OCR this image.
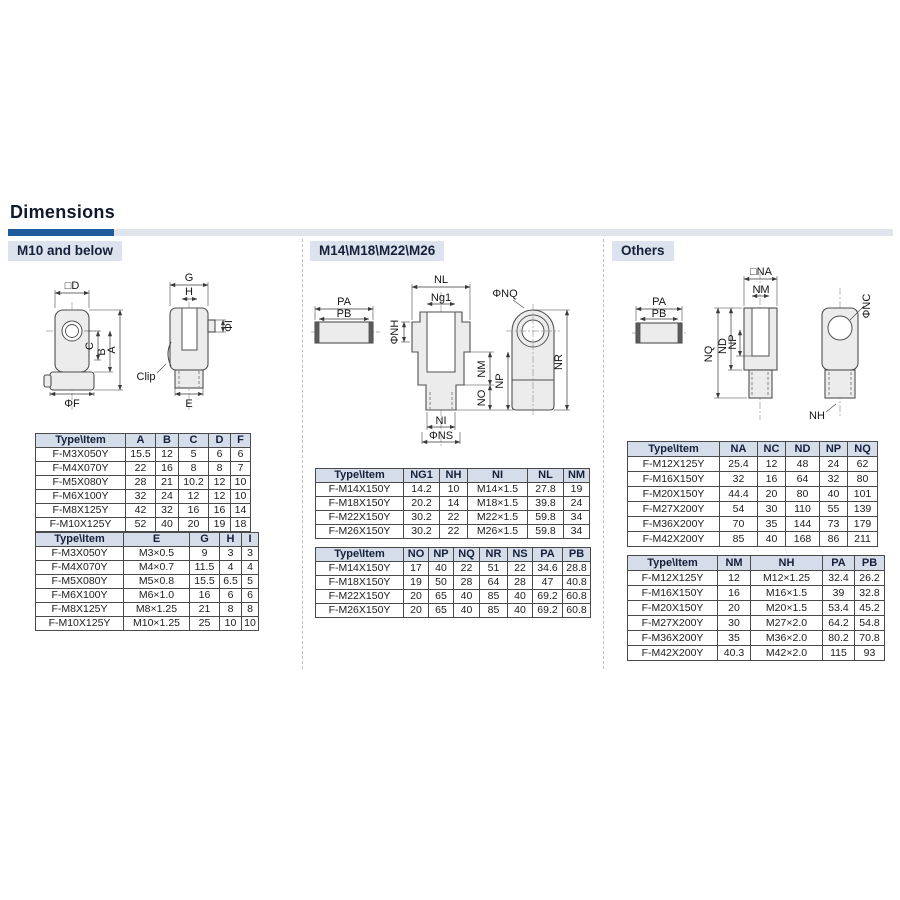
Dimensions
M10 and below	M14\M18\M22\M26	Others
□D
ΦF
C
B
A
G
H
ΦI
Clip
E
PA
PB
NL
Ng1
ΦNH
NM
NO
NP
NI
ΦNS
ΦNQ
NR
PA
PB
□NA
NM
NQ ND
NP
ΦNC
NH
Type\Item	A	B	C	D	F
F-M3X050Y	15.5	12	5	6	6
F-M4X070Y	22	16	8	8	7
F-M5X080Y	28	21	10.2	12	10
F-M6X100Y	32	24	12	12	10
F-M8X125Y	42	32	16	16	14
F-M10X125Y	52	40	20	19	18
Type\Item	E	G	H	I
F-M3X050Y	M3×0.5	9	3	3
F-M4X070Y	M4×0.7	11.5	4	4
F-M5X080Y	M5×0.8	15.5	6.5	5
F-M6X100Y	M6×1.0	16	6	6
F-M8X125Y	M8×1.25	21	8	8
F-M10X125Y	M10×1.25	25	10	10
Type\Item	NG1	NH	NI	NL	NM
F-M14X150Y	14.2	10	M14×1.5	27.8	19
F-M18X150Y	20.2	14	M18×1.5	39.8	24
F-M22X150Y	30.2	22	M22×1.5	59.8	34
F-M26X150Y	30.2	22	M26×1.5	59.8	34
Type\Item	NO	NP	NQ	NR	NS	PA	PB
F-M14X150Y	17	40	22	51	22	34.6	28.8
F-M18X150Y	19	50	28	64	28	47	40.8
F-M22X150Y	20	65	40	85	40	69.2	60.8
F-M26X150Y	20	65	40	85	40	69.2	60.8
Type\Item	NA	NC	ND	NP	NQ
F-M12X125Y	25.4	12	48	24	62
F-M16X150Y	32	16	64	32	80
F-M20X150Y	44.4	20	80	40	101
F-M27X200Y	54	30	110	55	139
F-M36X200Y	70	35	144	73	179
F-M42X200Y	85	40	168	86	211
Type\Item	NM	NH	PA	PB
F-M12X125Y	12	M12×1.25	32.4	26.2
F-M16X150Y	16	M16×1.5	39	32.8
F-M20X150Y	20	M20×1.5	53.4	45.2
F-M27X200Y	30	M27×2.0	64.2	54.8
F-M36X200Y	35	M36×2.0	80.2	70.8
F-M42X200Y	40.3	M42×2.0	115	93
